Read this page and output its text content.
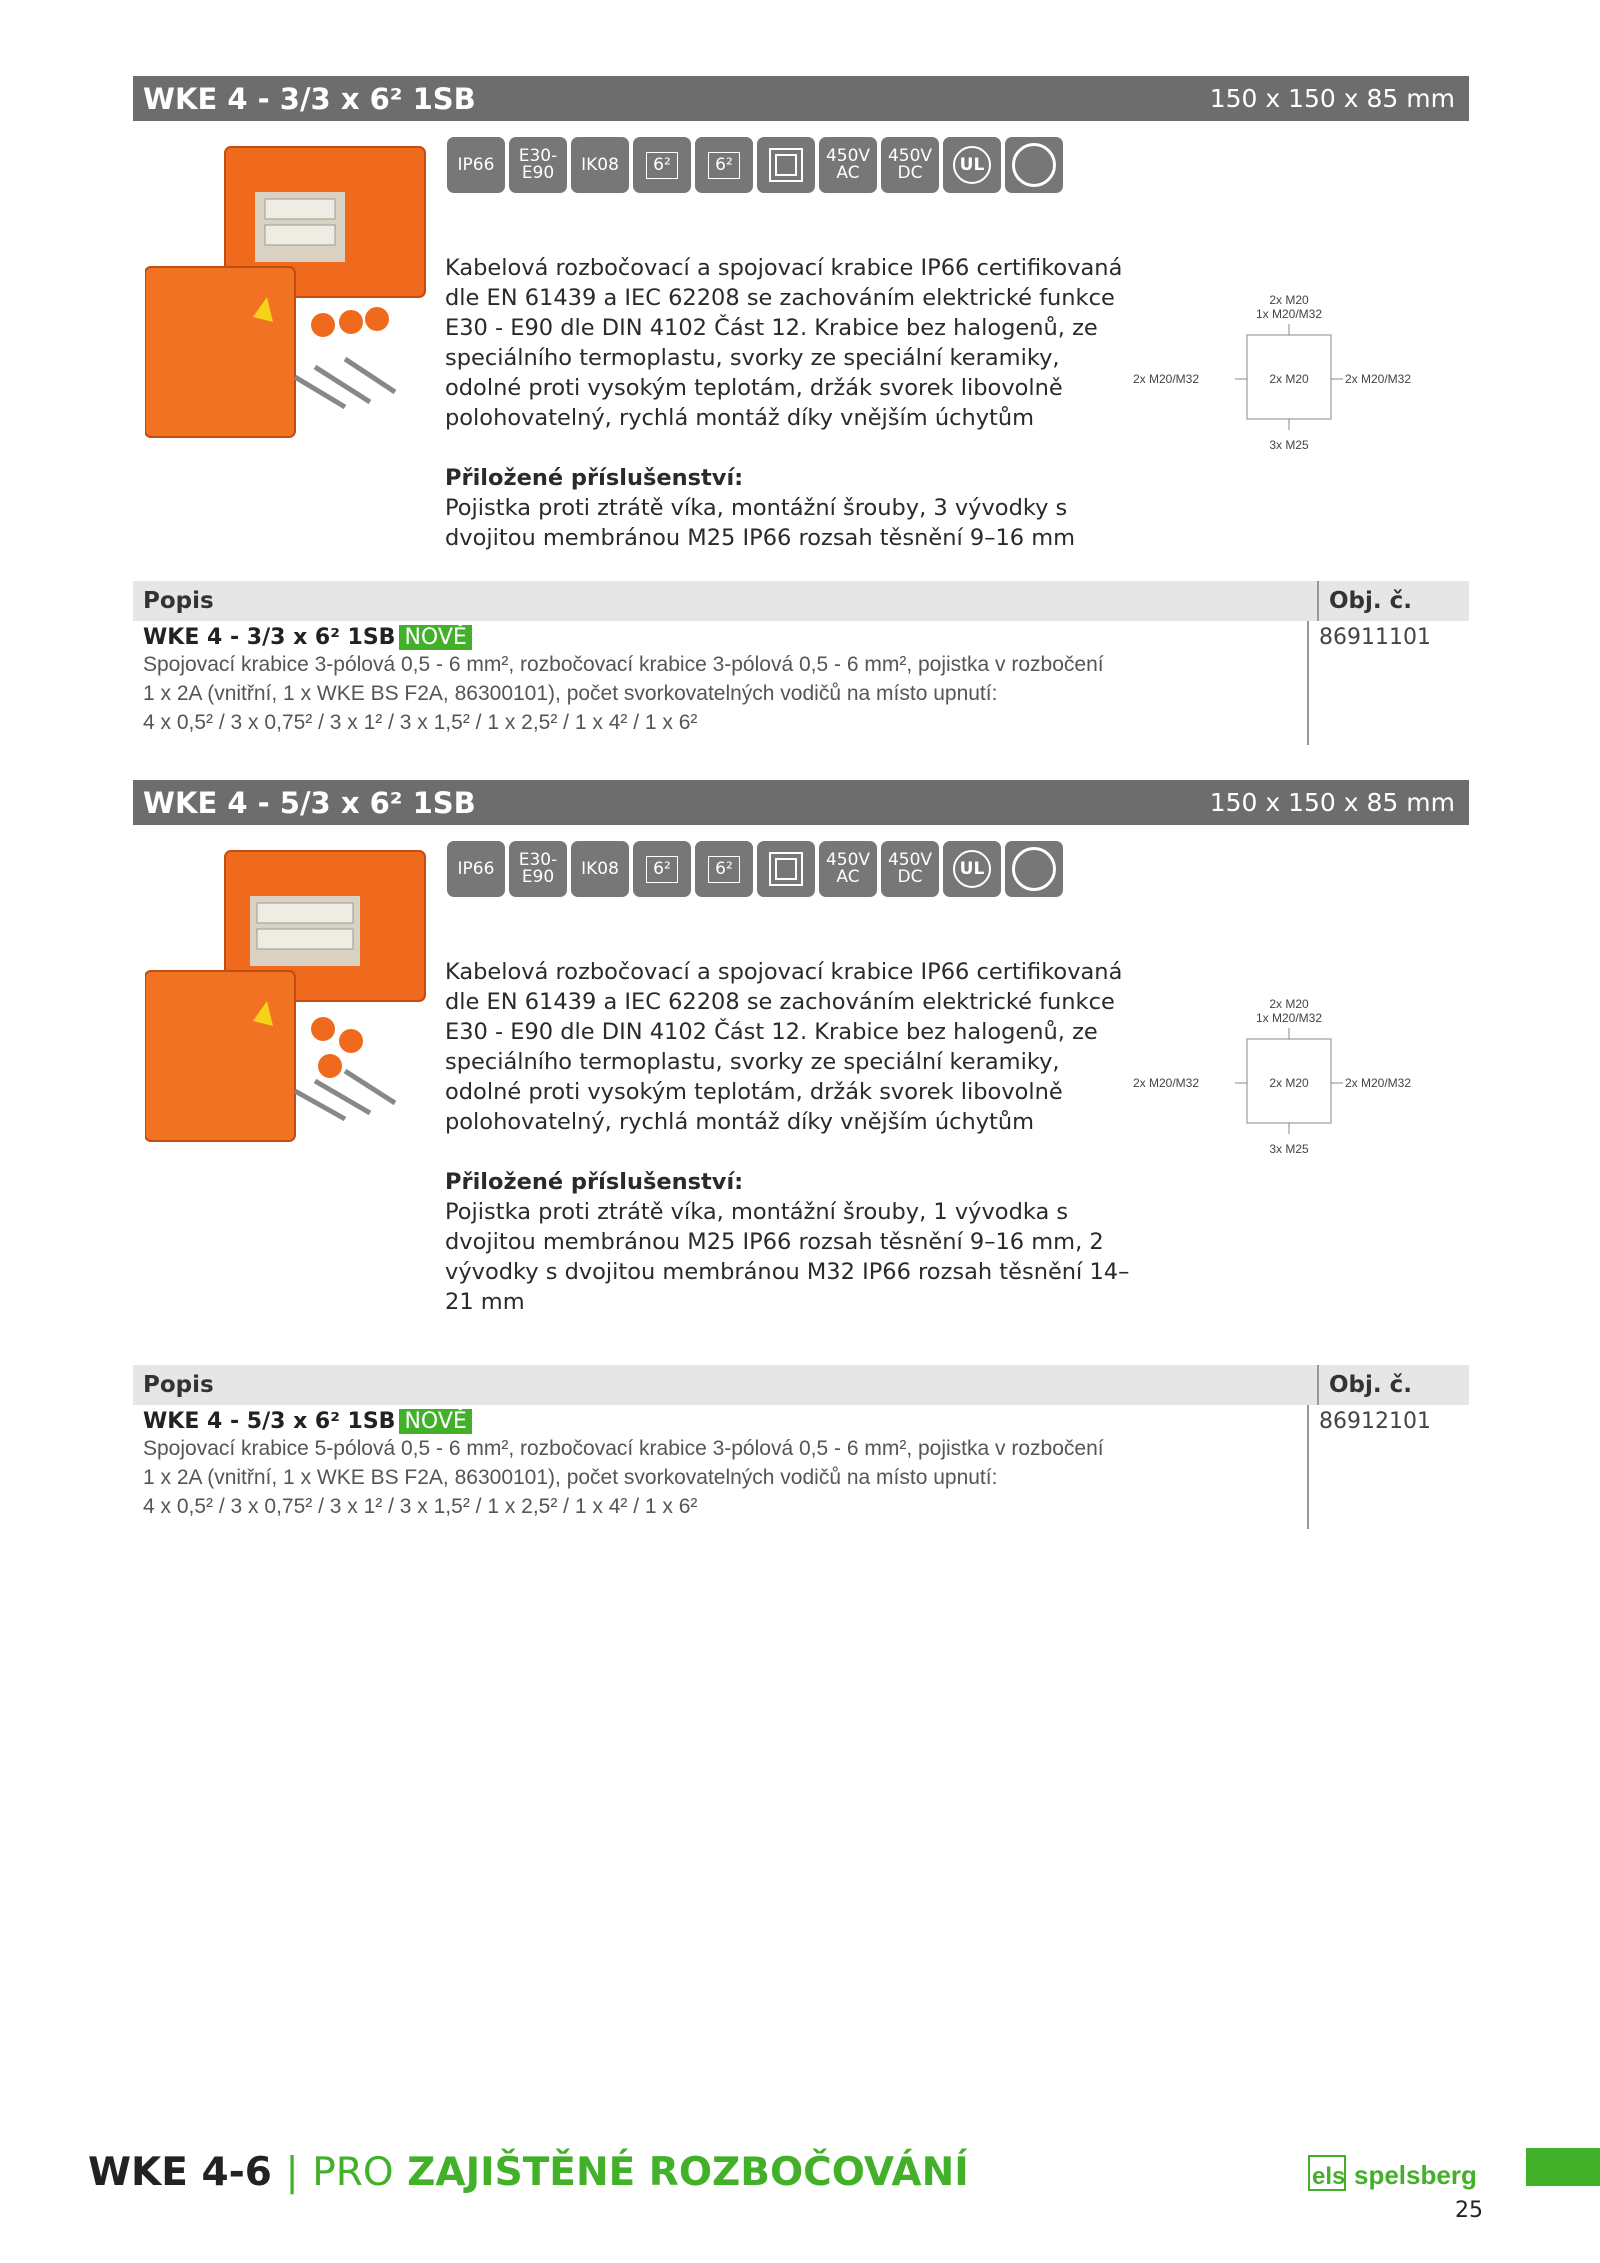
WKE 4 - 3/3 x 6² 1SB	150 x 150 x 85 mm
IP66 E30-
E90 IK08	6²	6²	450V
AC
450V
DC	UL
Kabelová rozbočovací a spojovací krabice IP66 certifikovaná dle EN 61439 a IEC 62208 se zachováním elektrické funkce E30 - E90 dle DIN 4102 Část 12. Krabice bez halogenů, ze speciálního termoplastu, svorky ze speciální keramiky, odolné proti vysokým teplotám, držák svorek libovolně polohovatelný, rychlá montáž díky vnějším úchytům
Přiložené příslušenství:
Pojistka proti ztrátě víka, montážní šrouby, 3 vývodky s dvojitou membránou M25 IP66 rozsah těsnění 9–16 mm
2x M20
1x M20/M32
2x M20
2x M20/M32	2x M20/M32
3x M25
Popis	Obj. č.
WKE 4 - 3/3 x 6² 1SB NOVĚ
Spojovací krabice 3-pólová 0,5 - 6 mm², rozbočovací krabice 3-pólová 0,5 - 6 mm², pojistka v rozbočení
1 x 2A (vnitřní, 1 x WKE BS F2A, 86300101), počet svorkovatelných vodičů na místo upnutí:
4 x 0,5² / 3 x 0,75² / 3 x 1² / 3 x 1,5² / 1 x 2,5² / 1 x 4² / 1 x 6²
86911101
WKE 4 - 5/3 x 6² 1SB	150 x 150 x 85 mm
IP66 E30-
E90 IK08	6²	6²	450V
AC
450V
DC	UL
Kabelová rozbočovací a spojovací krabice IP66 certifikovaná dle EN 61439 a IEC 62208 se zachováním elektrické funkce E30 - E90 dle DIN 4102 Část 12. Krabice bez halogenů, ze speciálního termoplastu, svorky ze speciální keramiky, odolné proti vysokým teplotám, držák svorek libovolně polohovatelný, rychlá montáž díky vnějším úchytům
Přiložené příslušenství:
Pojistka proti ztrátě víka, montážní šrouby, 1 vývodka s dvojitou membránou M25 IP66 rozsah těsnění 9–16 mm, 2 vývodky s dvojitou membránou M32 IP66 rozsah těsnění 14–21 mm
2x M20
1x M20/M32
2x M20
2x M20/M32	2x M20/M32
3x M25
Popis	Obj. č.
WKE 4 - 5/3 x 6² 1SB NOVĚ
Spojovací krabice 5-pólová 0,5 - 6 mm², rozbočovací krabice 3-pólová 0,5 - 6 mm², pojistka v rozbočení
1 x 2A (vnitřní, 1 x WKE BS F2A, 86300101), počet svorkovatelných vodičů na místo upnutí:
4 x 0,5² / 3 x 0,75² / 3 x 1² / 3 x 1,5² / 1 x 2,5² / 1 x 4² / 1 x 6²
86912101
WKE 4-6 | PRO ZAJIŠTĚNÉ ROZBOČOVÁNÍ	els spelsberg
25
